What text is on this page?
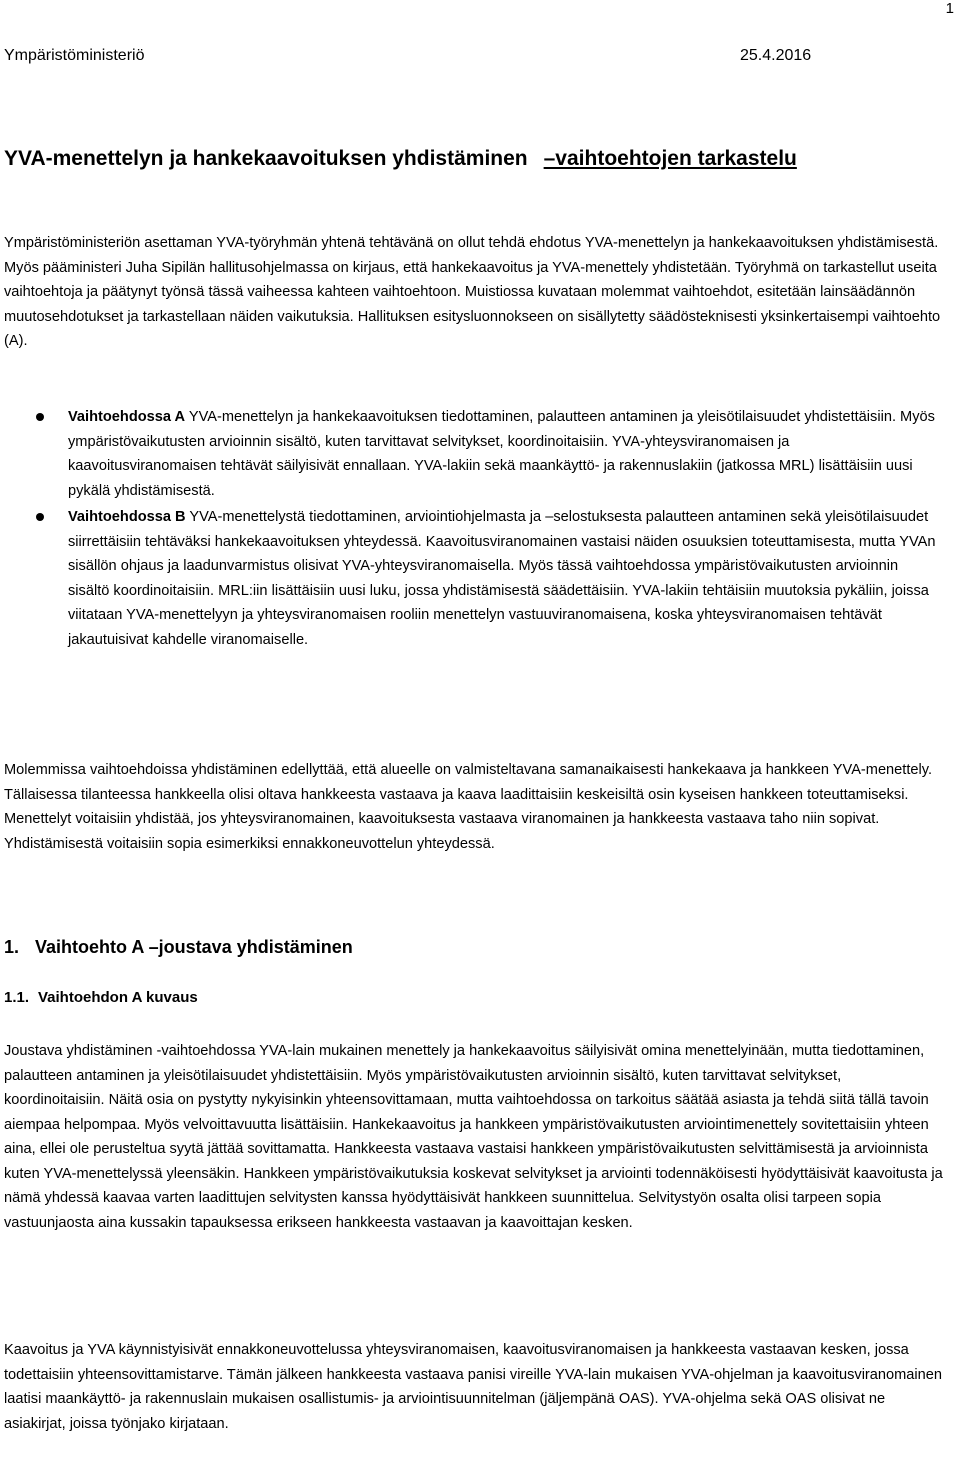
1
Ympäristöministeriö	25.4.2016
YVA-menettelyn ja hankekaavoituksen yhdistäminen –vaihtoehtojen tarkastelu
Ympäristöministeriön asettaman YVA-työryhmän yhtenä tehtävänä on ollut tehdä ehdotus YVA-menettelyn ja hankekaavoituksen yhdistämisestä. Myös pääministeri Juha Sipilän hallitusohjelmassa on kirjaus, että hankekaavoitus ja YVA-menettely yhdistetään. Työryhmä on tarkastellut useita vaihtoehtoja ja päätynyt työnsä tässä vaiheessa kahteen vaihtoehtoon. Muistiossa kuvataan molemmat vaihtoehdot, esitetään lainsäädännön muutosehdotukset ja tarkastellaan näiden vaikutuksia. Hallituksen esitysluonnokseen on sisällytetty säädösteknisesti yksinkertaisempi vaihtoehto (A).
Vaihtoehdossa A YVA-menettelyn ja hankekaavoituksen tiedottaminen, palautteen antaminen ja yleisötilaisuudet yhdistettäisiin. Myös ympäristövaikutusten arvioinnin sisältö, kuten tarvittavat selvitykset, koordinoitaisiin. YVA-yhteysviranomaisen ja kaavoitusviranomaisen tehtävät säilyisivät ennallaan. YVA-lakiin sekä maankäyttö- ja rakennuslakiin (jatkossa MRL) lisättäisiin uusi pykälä yhdistämisestä.
Vaihtoehdossa B YVA-menettelystä tiedottaminen, arviointiohjelmasta ja –selostuksesta palautteen antaminen sekä yleisötilaisuudet siirrettäisiin tehtäväksi hankekaavoituksen yhteydessä. Kaavoitusviranomainen vastaisi näiden osuuksien toteuttamisesta, mutta YVAn sisällön ohjaus ja laadunvarmistus olisivat YVA-yhteysviranomaisella. Myös tässä vaihtoehdossa ympäristövaikutusten arvioinnin sisältö koordinoitaisiin. MRL:iin lisättäisiin uusi luku, jossa yhdistämisestä säädettäisiin. YVA-lakiin tehtäisiin muutoksia pykäliin, joissa viitataan YVA-menettelyyn ja yhteysviranomaisen rooliin menettelyn vastuuviranomaisena, koska yhteysviranomaisen tehtävät jakautuisivat kahdelle viranomaiselle.
Molemmissa vaihtoehdoissa yhdistäminen edellyttää, että alueelle on valmisteltavana samanaikaisesti hankekaava ja hankkeen YVA-menettely. Tällaisessa tilanteessa hankkeella olisi oltava hankkeesta vastaava ja kaava laadittaisiin keskeisiltä osin kyseisen hankkeen toteuttamiseksi. Menettelyt voitaisiin yhdistää, jos yhteysviranomainen, kaavoituksesta vastaava viranomainen ja hankkeesta vastaava taho niin sopivat. Yhdistämisestä voitaisiin sopia esimerkiksi ennakkoneuvottelun yhteydessä.
1. Vaihtoehto A –joustava yhdistäminen
1.1. Vaihtoehdon A kuvaus
Joustava yhdistäminen -vaihtoehdossa YVA-lain mukainen menettely ja hankekaavoitus säilyisivät omina menettelyinään, mutta tiedottaminen, palautteen antaminen ja yleisötilaisuudet yhdistettäisiin. Myös ympäristövaikutusten arvioinnin sisältö, kuten tarvittavat selvitykset, koordinoitaisiin. Näitä osia on pystytty nykyisinkin yhteensovittamaan, mutta vaihtoehdossa on tarkoitus säätää asiasta ja tehdä siitä tällä tavoin aiempaa helpompaa. Myös velvoittavuutta lisättäisiin. Hankekaavoitus ja hankkeen ympäristövaikutusten arviointimenettely sovitettaisiin yhteen aina, ellei ole perusteltua syytä jättää sovittamatta. Hankkeesta vastaava vastaisi hankkeen ympäristövaikutusten selvittämisestä ja arvioinnista kuten YVA-menettelyssä yleensäkin. Hankkeen ympäristövaikutuksia koskevat selvitykset ja arviointi todennäköisesti hyödyttäisivät kaavoitusta ja nämä yhdessä kaavaa varten laadittujen selvitysten kanssa hyödyttäisivät hankkeen suunnittelua. Selvitystyön osalta olisi tarpeen sopia vastuunjaosta aina kussakin tapauksessa erikseen hankkeesta vastaavan ja kaavoittajan kesken.
Kaavoitus ja YVA käynnistyisivät ennakkoneuvottelussa yhteysviranomaisen, kaavoitusviranomaisen ja hankkeesta vastaavan kesken, jossa todettaisiin yhteensovittamistarve. Tämän jälkeen hankkeesta vastaava panisi vireille YVA-lain mukaisen YVA-ohjelman ja kaavoitusviranomainen laatisi maankäyttö- ja rakennuslain mukaisen osallistumis- ja arviointisuunnitelman (jäljempänä OAS). YVA-ohjelma sekä OAS olisivat ne asiakirjat, joissa työnjako kirjataan.
